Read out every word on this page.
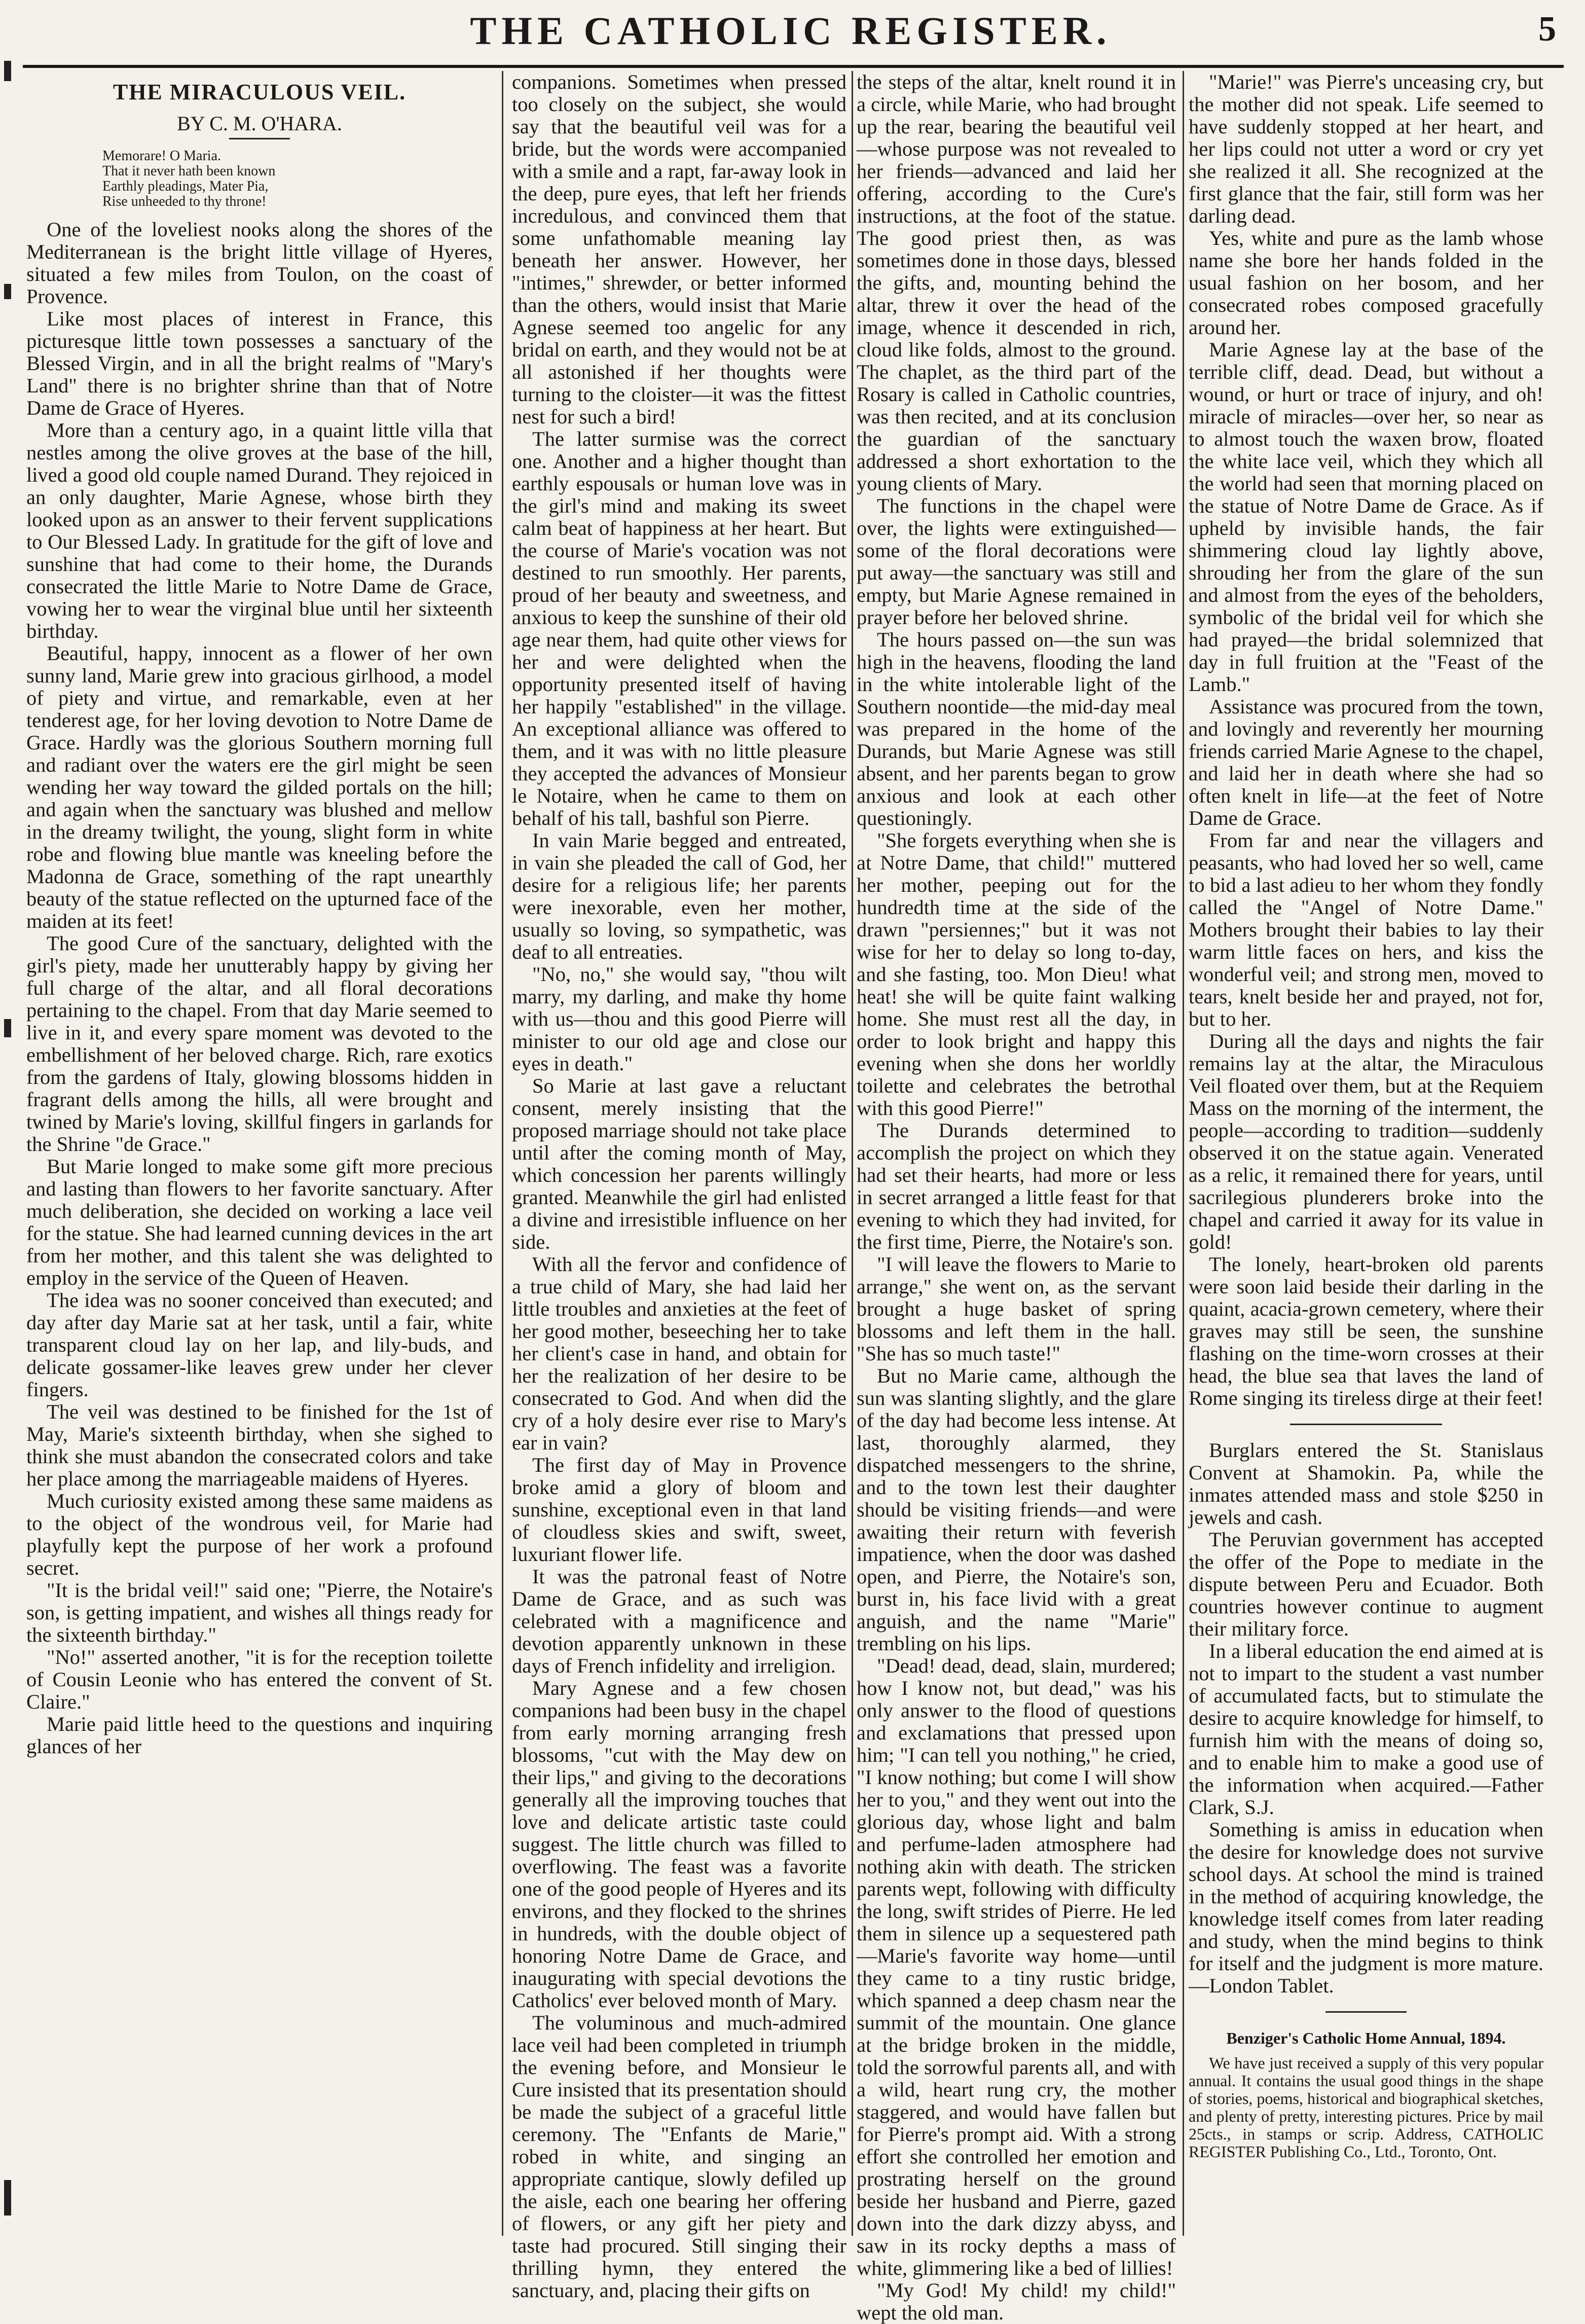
THE CATHOLIC REGISTER.	5
THE MIRACULOUS VEIL.
BY C. M. O'HARA.
Memorare! O Maria.
That it never hath been known
Earthly pleadings, Mater Pia,
Rise unheeded to thy throne!

One of the loveliest nooks along the shores of the Mediterranean is the bright little village of Hyeres, situated a few miles from Toulon, on the coast of Provence.

Like most places of interest in France, this picturesque little town possesses a sanctuary of the Blessed Virgin, and in all the bright realms of "Mary's Land" there is no brighter shrine than that of Notre Dame de Grace of Hyeres.

More than a century ago, in a quaint little villa that nestles among the olive groves at the base of the hill, lived a good old couple named Durand. They rejoiced in an only daughter, Marie Agnese, whose birth they looked upon as an answer to their fervent supplications to Our Blessed Lady. In gratitude for the gift of love and sunshine that had come to their home, the Durands consecrated the little Marie to Notre Dame de Grace, vowing her to wear the virginal blue until her sixteenth birthday.

Beautiful, happy, innocent as a flower of her own sunny land, Marie grew into gracious girlhood, a model of piety and virtue, and remarkable, even at her tenderest age, for her loving devotion to Notre Dame de Grace. Hardly was the glorious Southern morning full and radiant over the waters ere the girl might be seen wending her way toward the gilded portals on the hill; and again when the sanctuary was blushed and mellow in the dreamy twilight, the young, slight form in white robe and flowing blue mantle was kneeling before the Madonna de Grace, something of the rapt unearthly beauty of the statue reflected on the upturned face of the maiden at its feet!

The good Cure of the sanctuary, delighted with the girl's piety, made her unutterably happy by giving her full charge of the altar, and all floral decorations pertaining to the chapel. From that day Marie seemed to live in it, and every spare moment was devoted to the embellishment of her beloved charge. Rich, rare exotics from the gardens of Italy, glowing blossoms hidden in fragrant dells among the hills, all were brought and twined by Marie's loving, skillful fingers in garlands for the Shrine "de Grace."

But Marie longed to make some gift more precious and lasting than flowers to her favorite sanctuary. After much deliberation, she decided on working a lace veil for the statue. She had learned cunning devices in the art from her mother, and this talent she was delighted to employ in the service of the Queen of Heaven.

The idea was no sooner conceived than executed; and day after day Marie sat at her task, until a fair, white transparent cloud lay on her lap, and lily-buds, and delicate gossamer-like leaves grew under her clever fingers.

The veil was destined to be finished for the 1st of May, Marie's sixteenth birthday, when she sighed to think she must abandon the consecrated colors and take her place among the marriageable maidens of Hyeres.

Much curiosity existed among these same maidens as to the object of the wondrous veil, for Marie had playfully kept the purpose of her work a profound secret.

"It is the bridal veil!" said one; "Pierre, the Notaire's son, is getting impatient, and wishes all things ready for the sixteenth birthday."

"No!" asserted another, "it is for the reception toilette of Cousin Leonie who has entered the convent of St. Claire."

Marie paid little heed to the questions and inquiring glances of her

companions. Sometimes when pressed too closely on the subject, she would say that the beautiful veil was for a bride, but the words were accompanied with a smile and a rapt, far-away look in the deep, pure eyes, that left her friends incredulous, and convinced them that some unfathomable meaning lay beneath her answer. However, her "intimes," shrewder, or better informed than the others, would insist that Marie Agnese seemed too angelic for any bridal on earth, and they would not be at all astonished if her thoughts were turning to the cloister—it was the fittest nest for such a bird!

The latter surmise was the correct one. Another and a higher thought than earthly espousals or human love was in the girl's mind and making its sweet calm beat of happiness at her heart. But the course of Marie's vocation was not destined to run smoothly. Her parents, proud of her beauty and sweetness, and anxious to keep the sunshine of their old age near them, had quite other views for her and were delighted when the opportunity presented itself of having her happily "established" in the village. An exceptional alliance was offered to them, and it was with no little pleasure they accepted the advances of Monsieur le Notaire, when he came to them on behalf of his tall, bashful son Pierre.

In vain Marie begged and entreated, in vain she pleaded the call of God, her desire for a religious life; her parents were inexorable, even her mother, usually so loving, so sympathetic, was deaf to all entreaties.

"No, no," she would say, "thou wilt marry, my darling, and make thy home with us—thou and this good Pierre will minister to our old age and close our eyes in death."

So Marie at last gave a reluctant consent, merely insisting that the proposed marriage should not take place until after the coming month of May, which concession her parents willingly granted. Meanwhile the girl had enlisted a divine and irresistible influence on her side.

With all the fervor and confidence of a true child of Mary, she had laid her little troubles and anxieties at the feet of her good mother, beseeching her to take her client's case in hand, and obtain for her the realization of her desire to be consecrated to God. And when did the cry of a holy desire ever rise to Mary's ear in vain?

The first day of May in Provence broke amid a glory of bloom and sunshine, exceptional even in that land of cloudless skies and swift, sweet, luxuriant flower life.

It was the patronal feast of Notre Dame de Grace, and as such was celebrated with a magnificence and devotion apparently unknown in these days of French infidelity and irreligion.

Mary Agnese and a few chosen companions had been busy in the chapel from early morning arranging fresh blossoms, "cut with the May dew on their lips," and giving to the decorations generally all the improving touches that love and delicate artistic taste could suggest. The little church was filled to overflowing. The feast was a favorite one of the good people of Hyeres and its environs, and they flocked to the shrines in hundreds, with the double object of honoring Notre Dame de Grace, and inaugurating with special devotions the Catholics' ever beloved month of Mary.

The voluminous and much-admired lace veil had been completed in triumph the evening before, and Monsieur le Cure insisted that its presentation should be made the subject of a graceful little ceremony. The "Enfants de Marie," robed in white, and singing an appropriate cantique, slowly defiled up the aisle, each one bearing her offering of flowers, or any gift her piety and taste had procured. Still singing their thrilling hymn, they entered the sanctuary, and, placing their gifts on

the steps of the altar, knelt round it in a circle, while Marie, who had brought up the rear, bearing the beautiful veil—whose purpose was not revealed to her friends—advanced and laid her offering, according to the Cure's instructions, at the foot of the statue. The good priest then, as was sometimes done in those days, blessed the gifts, and, mounting behind the altar, threw it over the head of the image, whence it descended in rich, cloud like folds, almost to the ground. The chaplet, as the third part of the Rosary is called in Catholic countries, was then recited, and at its conclusion the guardian of the sanctuary addressed a short exhortation to the young clients of Mary.

The functions in the chapel were over, the lights were extinguished—some of the floral decorations were put away—the sanctuary was still and empty, but Marie Agnese remained in prayer before her beloved shrine.

The hours passed on—the sun was high in the heavens, flooding the land in the white intolerable light of the Southern noontide—the mid-day meal was prepared in the home of the Durands, but Marie Agnese was still absent, and her parents began to grow anxious and look at each other questioningly.

"She forgets everything when she is at Notre Dame, that child!" muttered her mother, peeping out for the hundredth time at the side of the drawn "persiennes;" but it was not wise for her to delay so long to-day, and she fasting, too. Mon Dieu! what heat! she will be quite faint walking home. She must rest all the day, in order to look bright and happy this evening when she dons her worldly toilette and celebrates the betrothal with this good Pierre!"

The Durands determined to accomplish the project on which they had set their hearts, had more or less in secret arranged a little feast for that evening to which they had invited, for the first time, Pierre, the Notaire's son.

"I will leave the flowers to Marie to arrange," she went on, as the servant brought a huge basket of spring blossoms and left them in the hall. "She has so much taste!"

But no Marie came, although the sun was slanting slightly, and the glare of the day had become less intense. At last, thoroughly alarmed, they dispatched messengers to the shrine, and to the town lest their daughter should be visiting friends—and were awaiting their return with feverish impatience, when the door was dashed open, and Pierre, the Notaire's son, burst in, his face livid with a great anguish, and the name "Marie" trembling on his lips.

"Dead! dead, dead, slain, murdered; how I know not, but dead," was his only answer to the flood of questions and exclamations that pressed upon him; "I can tell you nothing," he cried, "I know nothing; but come I will show her to you," and they went out into the glorious day, whose light and balm and perfume-laden atmosphere had nothing akin with death. The stricken parents wept, following with difficulty the long, swift strides of Pierre. He led them in silence up a sequestered path—Marie's favorite way home—until they came to a tiny rustic bridge, which spanned a deep chasm near the summit of the mountain. One glance at the bridge broken in the middle, told the sorrowful parents all, and with a wild, heart rung cry, the mother staggered, and would have fallen but for Pierre's prompt aid. With a strong effort she controlled her emotion and prostrating herself on the ground beside her husband and Pierre, gazed down into the dark dizzy abyss, and saw in its rocky depths a mass of white, glimmering like a bed of lillies!

"My God! My child! my child!" wept the old man.

"Marie!" was Pierre's unceasing cry, but the mother did not speak. Life seemed to have suddenly stopped at her heart, and her lips could not utter a word or cry yet she realized it all. She recognized at the first glance that the fair, still form was her darling dead.

Yes, white and pure as the lamb whose name she bore her hands folded in the usual fashion on her bosom, and her consecrated robes composed gracefully around her.

Marie Agnese lay at the base of the terrible cliff, dead. Dead, but without a wound, or hurt or trace of injury, and oh! miracle of miracles—over her, so near as to almost touch the waxen brow, floated the white lace veil, which they which all the world had seen that morning placed on the statue of Notre Dame de Grace. As if upheld by invisible hands, the fair shimmering cloud lay lightly above, shrouding her from the glare of the sun and almost from the eyes of the beholders, symbolic of the bridal veil for which she had prayed—the bridal solemnized that day in full fruition at the "Feast of the Lamb."

Assistance was procured from the town, and lovingly and reverently her mourning friends carried Marie Agnese to the chapel, and laid her in death where she had so often knelt in life—at the feet of Notre Dame de Grace.

From far and near the villagers and peasants, who had loved her so well, came to bid a last adieu to her whom they fondly called the "Angel of Notre Dame." Mothers brought their babies to lay their warm little faces on hers, and kiss the wonderful veil; and strong men, moved to tears, knelt beside her and prayed, not for, but to her.

During all the days and nights the fair remains lay at the altar, the Miraculous Veil floated over them, but at the Requiem Mass on the morning of the interment, the people—according to tradition—suddenly observed it on the statue again. Venerated as a relic, it remained there for years, until sacrilegious plunderers broke into the chapel and carried it away for its value in gold!

The lonely, heart-broken old parents were soon laid beside their darling in the quaint, acacia-grown cemetery, where their graves may still be seen, the sunshine flashing on the time-worn crosses at their head, the blue sea that laves the land of Rome singing its tireless dirge at their feet!

Burglars entered the St. Stanislaus Convent at Shamokin. Pa, while the inmates attended mass and stole $250 in jewels and cash.

The Peruvian government has accepted the offer of the Pope to mediate in the dispute between Peru and Ecuador. Both countries however continue to augment their military force.

In a liberal education the end aimed at is not to impart to the student a vast number of accumulated facts, but to stimulate the desire to acquire knowledge for himself, to furnish him with the means of doing so, and to enable him to make a good use of the information when acquired.—Father Clark, S.J.

Something is amiss in education when the desire for knowledge does not survive school days. At school the mind is trained in the method of acquiring knowledge, the knowledge itself comes from later reading and study, when the mind begins to think for itself and the judgment is more mature.—London Tablet.

Benziger's Catholic Home Annual, 1894.

We have just received a supply of this very popular annual. It contains the usual good things in the shape of stories, poems, historical and biographical sketches, and plenty of pretty, interesting pictures. Price by mail 25cts., in stamps or scrip. Address, CATHOLIC REGISTER Publishing Co., Ltd., Toronto, Ont.
